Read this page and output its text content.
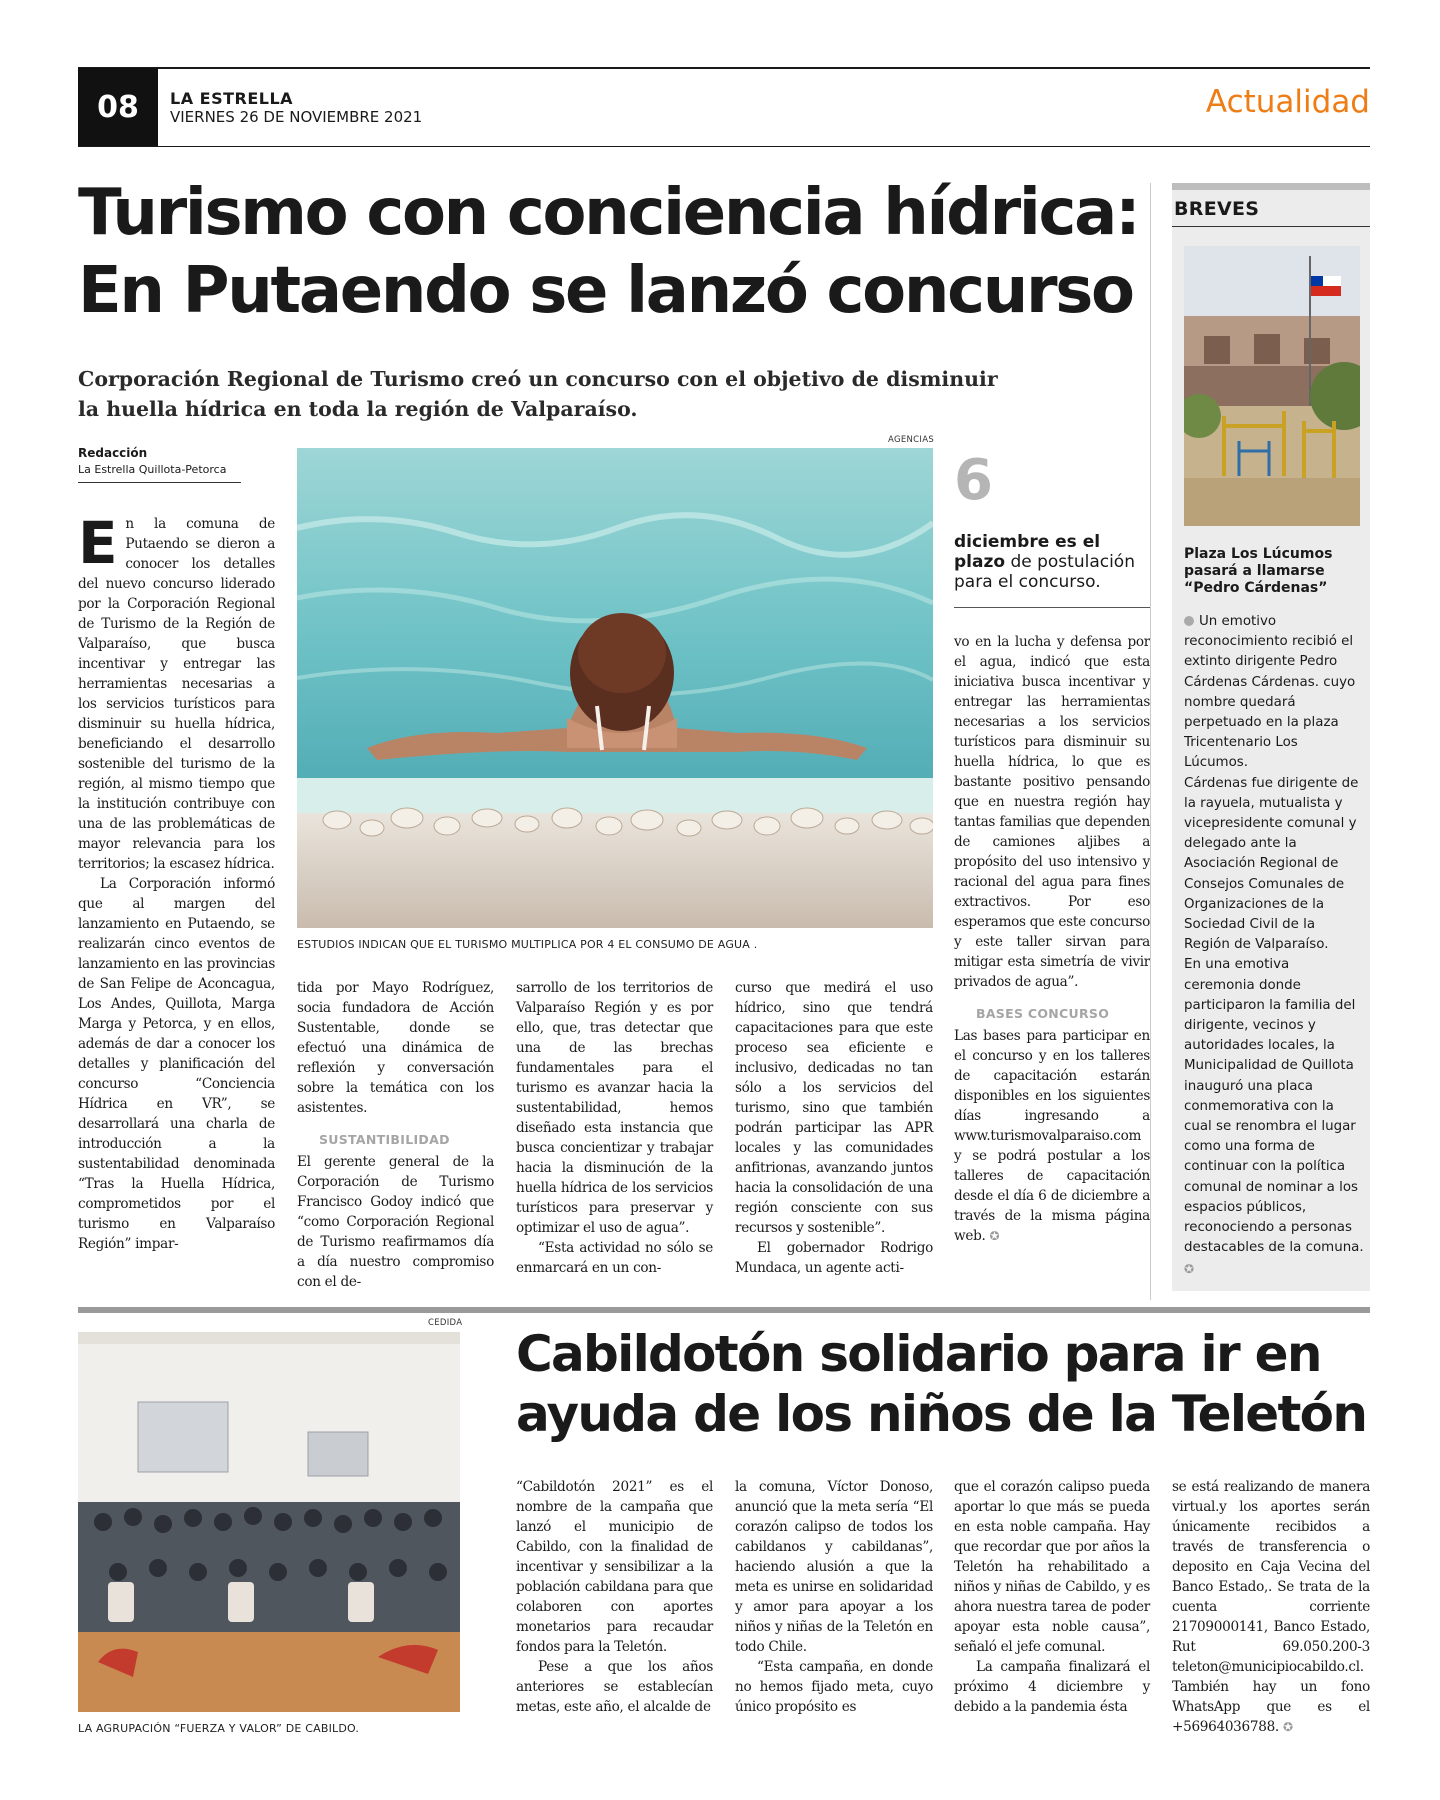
08	LA ESTRELLA
VIERNES 26 DE NOVIEMBRE 2021	Actualidad
Turismo con conciencia hídrica:
En Putaendo se lanzó concurso
Corporación Regional de Turismo creó un concurso con el objetivo de disminuir la huella hídrica en toda la región de Valparaíso.
Redacción
La Estrella Quillota-Petorca
AGENCIAS
ESTUDIOS INDICAN QUE EL TURISMO MULTIPLICA POR 4 EL CONSUMO DE AGUA .

En la comuna de Putaendo se dieron a conocer los detalles del nuevo concurso liderado por la Corporación Regional de Turismo de la Región de Valparaíso, que busca incentivar y entregar las herramientas necesarias a los servicios turísticos para disminuir su huella hídrica, beneficiando el desarrollo sostenible del turismo de la región, al mismo tiempo que la institución contribuye con una de las problemáticas de mayor relevancia para los territorios; la escasez hídrica.

La Corporación informó que al margen del lanzamiento en Putaendo, se realizarán cinco eventos de lanzamiento en las provincias de San Felipe de Aconcagua, Los Andes, Quillota, Marga Marga y Petorca, y en ellos, además de dar a conocer los detalles y planificación del concurso “Conciencia Hídrica en VR”, se desarrollará una charla de introducción a la sustentabilidad denominada “Tras la Huella Hídrica, comprometidos por el turismo en Valparaíso Región” impar-

tida por Mayo Rodríguez, socia fundadora de Acción Sustentable, donde se efectuó una dinámica de reflexión y conversación sobre la temática con los asistentes.

SUSTANTIBILIDAD

El gerente general de la Corporación de Turismo Francisco Godoy indicó que “como Corporación Regional de Turismo reafirmamos día a día nuestro compromiso con el de-

sarrollo de los territorios de Valparaíso Región y es por ello, que, tras detectar que una de las brechas fundamentales para el turismo es avanzar hacia la sustentabilidad, hemos diseñado esta instancia que busca concientizar y trabajar hacia la disminución de la huella hídrica de los servicios turísticos para preservar y optimizar el uso de agua”.

“Esta actividad no sólo se enmarcará en un con-

curso que medirá el uso hídrico, sino que tendrá capacitaciones para que este proceso sea eficiente e inclusivo, dedicadas no tan sólo a los servicios del turismo, sino que también podrán participar las APR locales y las comunidades anfitrionas, avanzando juntos hacia la consolidación de una región consciente con sus recursos y sostenible”.

El gobernador Rodrigo Mundaca, un agente acti-

6
diciembre es el plazo de postulación para el concurso.

vo en la lucha y defensa por el agua, indicó que esta iniciativa busca incentivar y entregar las herramientas necesarias a los servicios turísticos para disminuir su huella hídrica, lo que es bastante positivo pensando que en nuestra región hay tantas familias que dependen de camiones aljibes a propósito del uso intensivo y racional del agua para fines extractivos. Por eso esperamos que este concurso y este taller sirvan para mitigar esta simetría de vivir privados de agua”.

BASES CONCURSO

Las bases para participar en el concurso y en los talleres de capacitación estarán disponibles en los siguientes días ingresando a www.turismovalparaiso.com y se podrá postular a los talleres de capacitación desde el día 6 de diciembre a través de la misma página web. ✪

BREVES
Plaza Los Lúcumos pasará a llamarse “Pedro Cárdenas”
Un emotivo reconocimiento recibió el extinto dirigente Pedro Cárdenas Cárdenas. cuyo nombre quedará perpetuado en la plaza Tricentenario Los Lúcumos.
Cárdenas fue dirigente de la rayuela, mutualista y vicepresidente comunal y delegado ante la Asociación Regional de Consejos Comunales de Organizaciones de la Sociedad Civil de la Región de Valparaíso.
En una emotiva ceremonia donde participaron la familia del dirigente, vecinos y autoridades locales, la Municipalidad de Quillota inauguró una placa conmemorativa con la cual se renombra el lugar como una forma de continuar con la política comunal de nominar a los espacios públicos, reconociendo a personas destacables de la comuna. ✪
CEDIDA
LA AGRUPACIÓN “FUERZA Y VALOR” DE CABILDO.
Cabildotón solidario para ir en
ayuda de los niños de la Teletón

“Cabildotón 2021” es el nombre de la campaña que lanzó el municipio de Cabildo, con la finalidad de incentivar y sensibilizar a la población cabildana para que colaboren con aportes monetarios para recaudar fondos para la Teletón.

Pese a que los años anteriores se establecían metas, este año, el alcalde de

la comuna, Víctor Donoso, anunció que la meta sería “El corazón calipso de todos los cabildanos y cabildanas”, haciendo alusión a que la meta es unirse en solidaridad y amor para apoyar a los niños y niñas de la Teletón en todo Chile.

“Esta campaña, en donde no hemos fijado meta, cuyo único propósito es

que el corazón calipso pueda aportar lo que más se pueda en esta noble campaña. Hay que recordar que por años la Teletón ha rehabilitado a niños y niñas de Cabildo, y es ahora nuestra tarea de poder apoyar esta noble causa”, señaló el jefe comunal.

La campaña finalizará el próximo 4 diciembre y debido a la pandemia ésta

se está realizando de manera virtual.y los aportes serán únicamente recibidos a través de transferencia o deposito en Caja Vecina del Banco Estado,. Se trata de la cuenta corriente 21709000141, Banco Estado, Rut 69.050.200-3 teleton@municipiocabildo.cl. También hay un fono WhatsApp que es el +56964036788. ✪
